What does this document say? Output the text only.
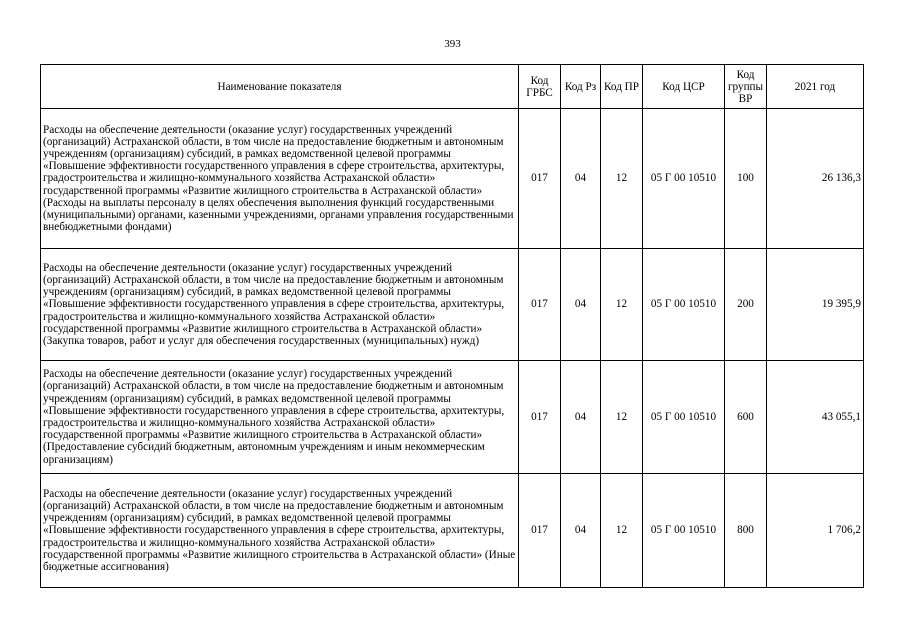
393
Наименование показателя	Код ГРБС	Код Рз	Код ПР	Код ЦСР	Код группы ВР	2021 год
Расходы на обеспечение деятельности (оказание услуг) государственных учреждений (организаций) Астраханской области, в том числе на предоставление бюджетным и автономным учреждениям (организациям) субсидий, в рамках ведомственной целевой программы «Повышение эффективности государственного управления в сфере строительства, архитектуры, градостроительства и жилищно-коммунального хозяйства Астраханской области» государственной программы «Развитие жилищного строительства в Астраханской области» (Расходы на выплаты персоналу в целях обеспечения выполнения функций государственными (муниципальными) органами, казенными учреждениями, органами управления государственными внебюджетными фондами)	017	04	12	05 Г 00 10510	100	26 136,3
Расходы на обеспечение деятельности (оказание услуг) государственных учреждений (организаций) Астраханской области, в том числе на предоставление бюджетным и автономным учреждениям (организациям) субсидий, в рамках ведомственной целевой программы «Повышение эффективности государственного управления в сфере строительства, архитектуры, градостроительства и жилищно-коммунального хозяйства Астраханской области» государственной программы «Развитие жилищного строительства в Астраханской области» (Закупка товаров, работ и услуг для обеспечения государственных (муниципальных) нужд)	017	04	12	05 Г 00 10510	200	19 395,9
Расходы на обеспечение деятельности (оказание услуг) государственных учреждений (организаций) Астраханской области, в том числе на предоставление бюджетным и автономным учреждениям (организациям) субсидий, в рамках ведомственной целевой программы «Повышение эффективности государственного управления в сфере строительства, архитектуры, градостроительства и жилищно-коммунального хозяйства Астраханской области» государственной программы «Развитие жилищного строительства в Астраханской области» (Предоставление субсидий бюджетным, автономным учреждениям и иным некоммерческим организациям)	017	04	12	05 Г 00 10510	600	43 055,1
Расходы на обеспечение деятельности (оказание услуг) государственных учреждений (организаций) Астраханской области, в том числе на предоставление бюджетным и автономным учреждениям (организациям) субсидий, в рамках ведомственной целевой программы «Повышение эффективности государственного управления в сфере строительства, архитектуры, градостроительства и жилищно-коммунального хозяйства Астраханской области» государственной программы «Развитие жилищного строительства в Астраханской области» (Иные бюджетные ассигнования)	017	04	12	05 Г 00 10510	800	1 706,2
